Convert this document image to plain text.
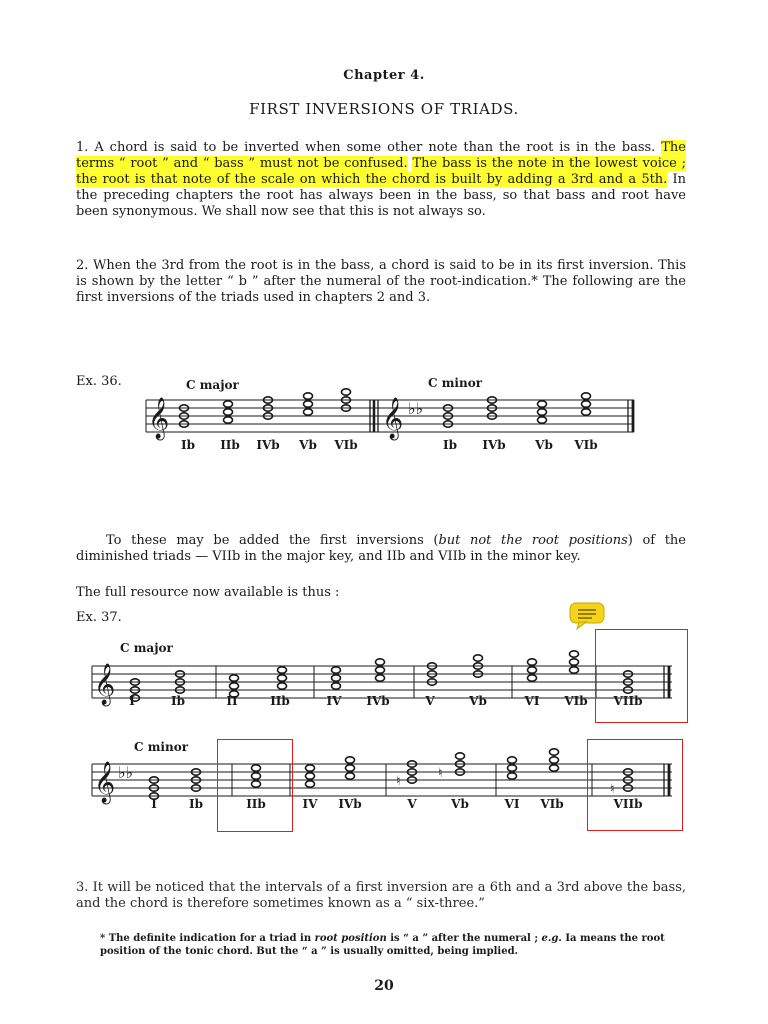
Chapter 4.
FIRST INVERSIONS OF TRIADS.
1. A chord is said to be inverted when some other note than the root is in the bass. The terms “ root ” and “ bass ” must not be confused. The bass is the note in the lowest voice ; the root is that note of the scale on which the chord is built by adding a 3rd and a 5th. In the preceding chapters the root has always been in the bass, so that bass and root have been synonymous. We shall now see that this is not always so.
2. When the 3rd from the root is in the bass, a chord is said to be in its first inversion. This is shown by the letter “ b ” after the numeral of the root-indication.* The following are the first inversions of the triads used in chapters 2 and 3.
Ex. 36.	C major	C minor
𝄞	𝄞 ♭♭
Ib	IIb	IVb	Vb	VIb	Ib	IVb	Vb	VIb
To these may be added the first inversions (but not the root positions) of the diminished triads — VIIb in the major key, and IIb and VIIb in the minor key.
The full resource now available is thus :
Ex. 37.
C major
𝄞	I	Ib	II	IIb	IV	IVb	V	Vb	VI	VIb	VIIb
C minor
𝄞 ♭♭	♮
♮
♮
I	Ib	IIb	IV	IVb	V	Vb	VI	VIb	VIIb
3. It will be noticed that the intervals of a first inversion are a 6th and a 3rd above the bass, and the chord is therefore sometimes known as a “ six-three.”
* The definite indication for a triad in root position is “ a ” after the numeral ; e.g. Ia means the root position of the tonic chord. But the “ a ” is usually omitted, being implied.
20
